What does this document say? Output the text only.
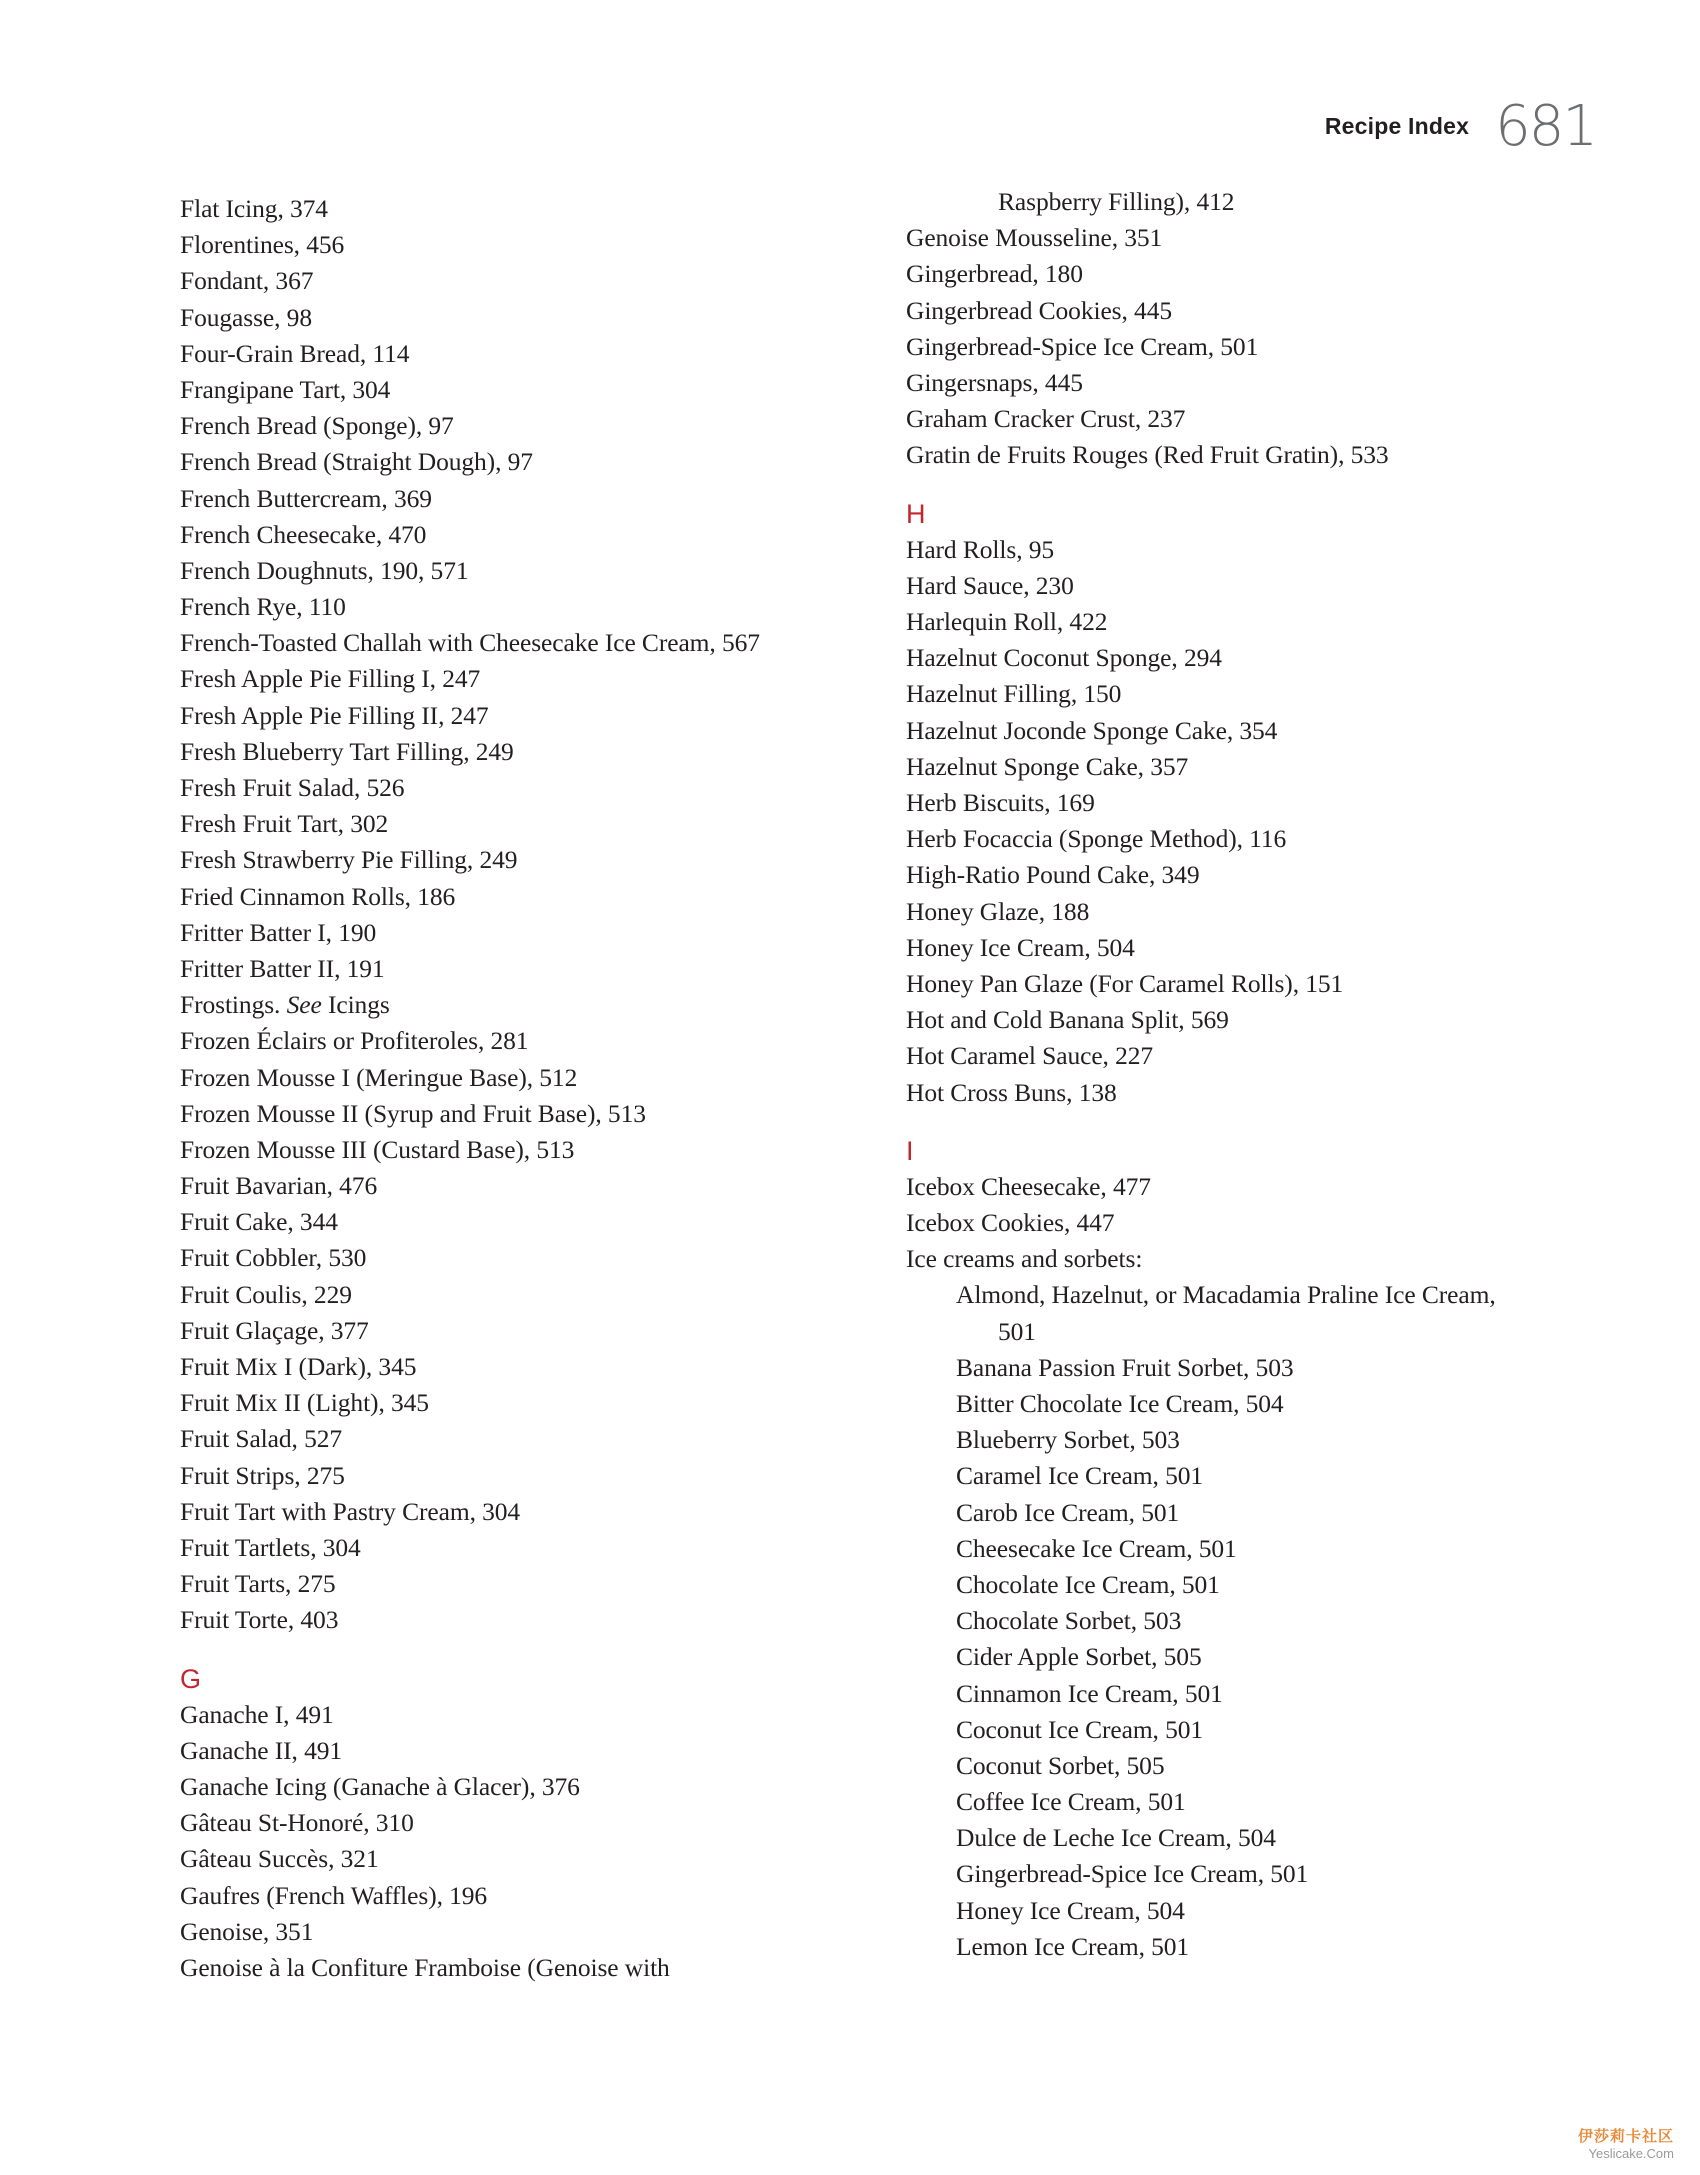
Recipe Index 681
Flat Icing, 374
Florentines, 456
Fondant, 367
Fougasse, 98
Four-Grain Bread, 114
Frangipane Tart, 304
French Bread (Sponge), 97
French Bread (Straight Dough), 97
French Buttercream, 369
French Cheesecake, 470
French Doughnuts, 190, 571
French Rye, 110
French-Toasted Challah with Cheesecake Ice Cream, 567
Fresh Apple Pie Filling I, 247
Fresh Apple Pie Filling II, 247
Fresh Blueberry Tart Filling, 249
Fresh Fruit Salad, 526
Fresh Fruit Tart, 302
Fresh Strawberry Pie Filling, 249
Fried Cinnamon Rolls, 186
Fritter Batter I, 190
Fritter Batter II, 191
Frostings. See Icings
Frozen Éclairs or Profiteroles, 281
Frozen Mousse I (Meringue Base), 512
Frozen Mousse II (Syrup and Fruit Base), 513
Frozen Mousse III (Custard Base), 513
Fruit Bavarian, 476
Fruit Cake, 344
Fruit Cobbler, 530
Fruit Coulis, 229
Fruit Glaçage, 377
Fruit Mix I (Dark), 345
Fruit Mix II (Light), 345
Fruit Salad, 527
Fruit Strips, 275
Fruit Tart with Pastry Cream, 304
Fruit Tartlets, 304
Fruit Tarts, 275
Fruit Torte, 403
G
Ganache I, 491
Ganache II, 491
Ganache Icing (Ganache à Glacer), 376
Gâteau St-Honoré, 310
Gâteau Succès, 321
Gaufres (French Waffles), 196
Genoise, 351
Genoise à la Confiture Framboise (Genoise with
Raspberry Filling), 412
Genoise Mousseline, 351
Gingerbread, 180
Gingerbread Cookies, 445
Gingerbread-Spice Ice Cream, 501
Gingersnaps, 445
Graham Cracker Crust, 237
Gratin de Fruits Rouges (Red Fruit Gratin), 533
H
Hard Rolls, 95
Hard Sauce, 230
Harlequin Roll, 422
Hazelnut Coconut Sponge, 294
Hazelnut Filling, 150
Hazelnut Joconde Sponge Cake, 354
Hazelnut Sponge Cake, 357
Herb Biscuits, 169
Herb Focaccia (Sponge Method), 116
High-Ratio Pound Cake, 349
Honey Glaze, 188
Honey Ice Cream, 504
Honey Pan Glaze (For Caramel Rolls), 151
Hot and Cold Banana Split, 569
Hot Caramel Sauce, 227
Hot Cross Buns, 138
I
Icebox Cheesecake, 477
Icebox Cookies, 447
Ice creams and sorbets:
Almond, Hazelnut, or Macadamia Praline Ice Cream,
501
Banana Passion Fruit Sorbet, 503
Bitter Chocolate Ice Cream, 504
Blueberry Sorbet, 503
Caramel Ice Cream, 501
Carob Ice Cream, 501
Cheesecake Ice Cream, 501
Chocolate Ice Cream, 501
Chocolate Sorbet, 503
Cider Apple Sorbet, 505
Cinnamon Ice Cream, 501
Coconut Ice Cream, 501
Coconut Sorbet, 505
Coffee Ice Cream, 501
Dulce de Leche Ice Cream, 504
Gingerbread-Spice Ice Cream, 501
Honey Ice Cream, 504
Lemon Ice Cream, 501
伊莎莉卡社区
Yeslicake.Com
